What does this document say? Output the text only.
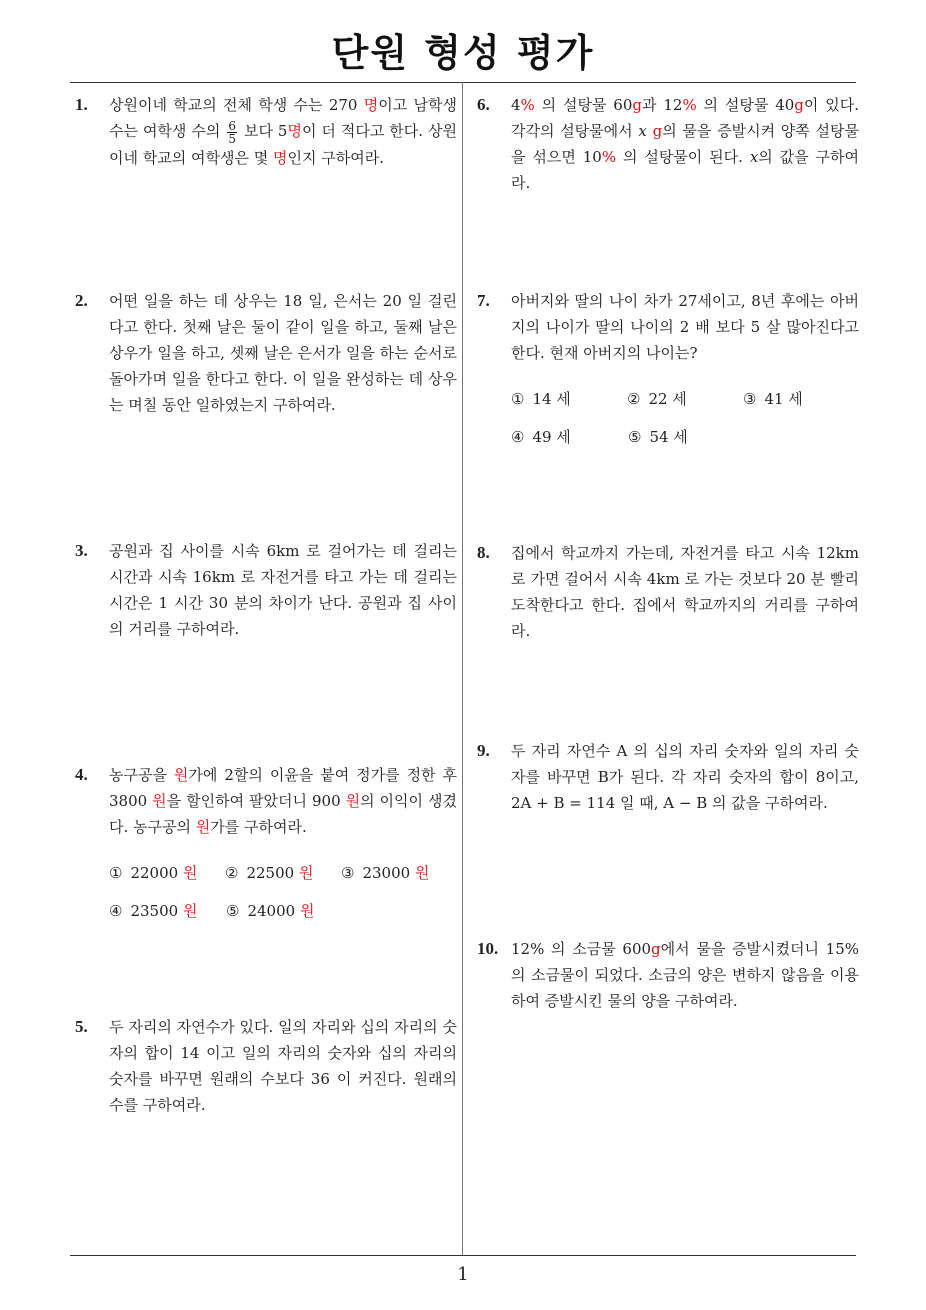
단원 형성 평가
1. 상원이네 학교의 전체 학생 수는 270 명이고 남학생 수는 여학생 수의 $\frac{6}{5}$ 보다 5명이 더 적다고 한다. 상원 이네 학교의 여학생은 몇 명인지 구하여라.
2. 어떤 일을 하는 데 상우는 18 일, 은서는 20 일 걸린다고 한다. 첫째 날은 둘이 같이 일을 하고, 둘째 날은 상우가 일을 하고, 셋째 날은 은서가 일을 하는 순서로 돌아가며 일을 한다고 한다. 이 일을 완성하는 데 상우는 며칠 동안 일하였는지 구하여라.
3. 공원과 집 사이를 시속 6km 로 걸어가는 데 걸리는 시간과 시속 16km 로 자전거를 타고 가는 데 걸리는 시간은 1 시간 30 분의 차이가 난다. 공원과 집 사이의 거리를 구하여라.
4. 농구공을 원가에 2할의 이윤을 붙여 정가를 정한 후 3800 원을 할인하여 팔았더니 900 원의 이익이 생겼다. 농구공의 원가를 구하여라.
① 22000 원	② 22500 원	③ 23000 원
④ 23500 원	⑤ 24000 원
5. 두 자리의 자연수가 있다. 일의 자리와 십의 자리의 숫자의 합이 14 이고 일의 자리의 숫자와 십의 자리의 숫자를 바꾸면 원래의 수보다 36 이 커진다. 원래의 수를 구하여라.
6. 4% 의 설탕물 60g과 12% 의 설탕물 40g이 있다. 각각의 설탕물에서 x g의 물을 증발시켜 양쪽 설탕물을 섞으면 10% 의 설탕물이 된다. x의 값을 구하여라.
7. 아버지와 딸의 나이 차가 27세이고, 8년 후에는 아버지의 나이가 딸의 나이의 2 배 보다 5 살 많아진다고 한다. 현재 아버지의 나이는?
① 14 세	② 22 세	③ 41 세
④ 49 세	⑤ 54 세
8. 집에서 학교까지 가는데, 자전거를 타고 시속 12km 로 가면 걸어서 시속 4km 로 가는 것보다 20 분 빨리 도착한다고 한다. 집에서 학교까지의 거리를 구하여라.
9. 두 자리 자연수 A 의 십의 자리 숫자와 일의 자리 숫자를 바꾸면 B가 된다. 각 자리 숫자의 합이 8이고, 2A + B = 114 일 때, A − B 의 값을 구하여라.
10. 12% 의 소금물 600g에서 물을 증발시켰더니 15% 의 소금물이 되었다. 소금의 양은 변하지 않음을 이용하여 증발시킨 물의 양을 구하여라.
1
